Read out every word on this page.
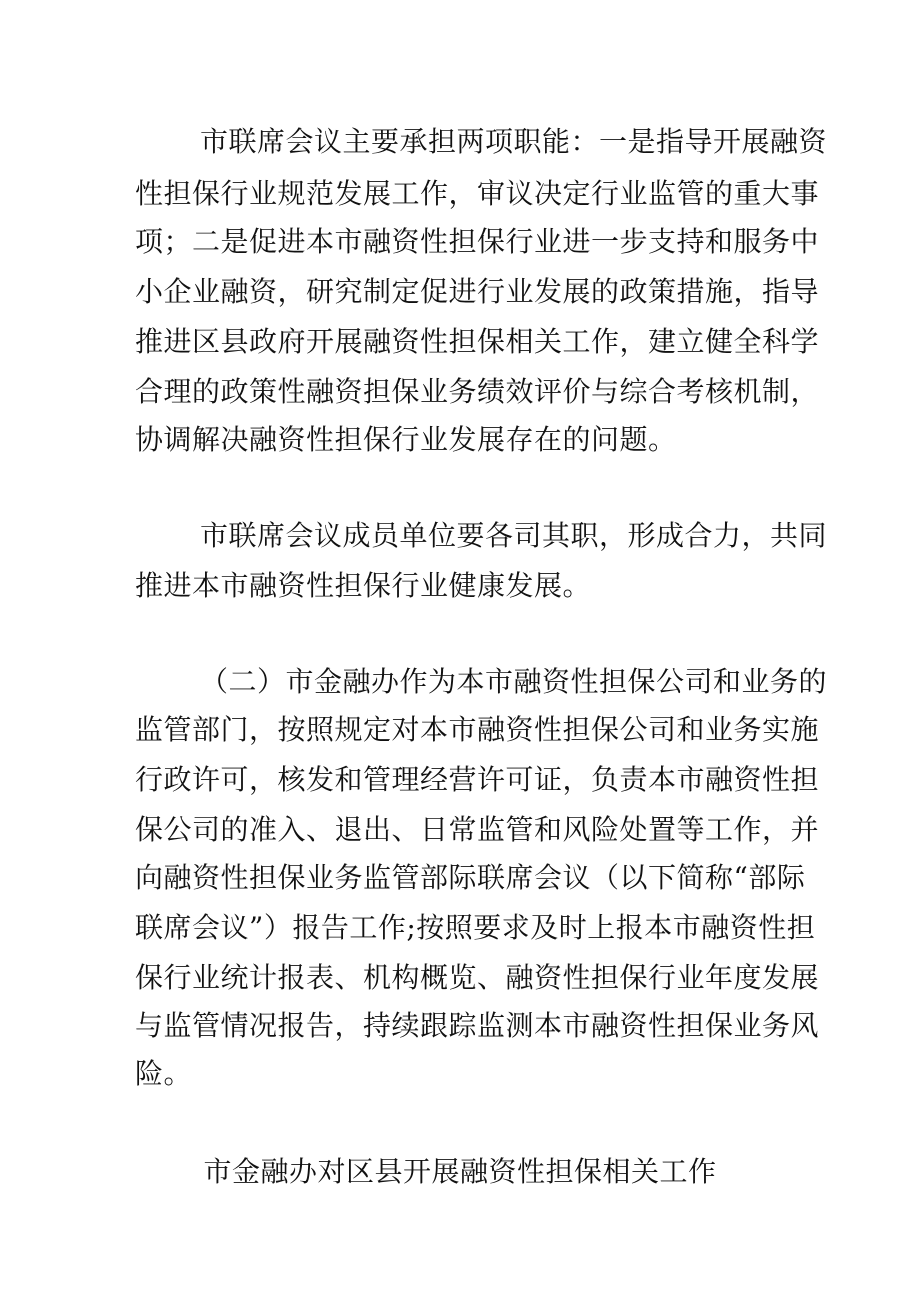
市联席会议主要承担两项职能：一是指导开展融资
性担保行业规范发展工作，审议决定行业监管的重大事
项；二是促进本市融资性担保行业进一步支持和服务中
小企业融资，研究制定促进行业发展的政策措施，指导
推进区县政府开展融资性担保相关工作，建立健全科学
合理的政策性融资担保业务绩效评价与综合考核机制，
协调解决融资性担保行业发展存在的问题。
市联席会议成员单位要各司其职，形成合力，共同
推进本市融资性担保行业健康发展。
（二）市金融办作为本市融资性担保公司和业务的
监管部门，按照规定对本市融资性担保公司和业务实施
行政许可，核发和管理经营许可证，负责本市融资性担
保公司的准入、退出、日常监管和风险处置等工作，并
向融资性担保业务监管部际联席会议（以下简称“部际
联席会议”）报告工作;按照要求及时上报本市融资性担
保行业统计报表、机构概览、融资性担保行业年度发展
与监管情况报告，持续跟踪监测本市融资性担保业务风
险。
市金融办对区县开展融资性担保相关工作
